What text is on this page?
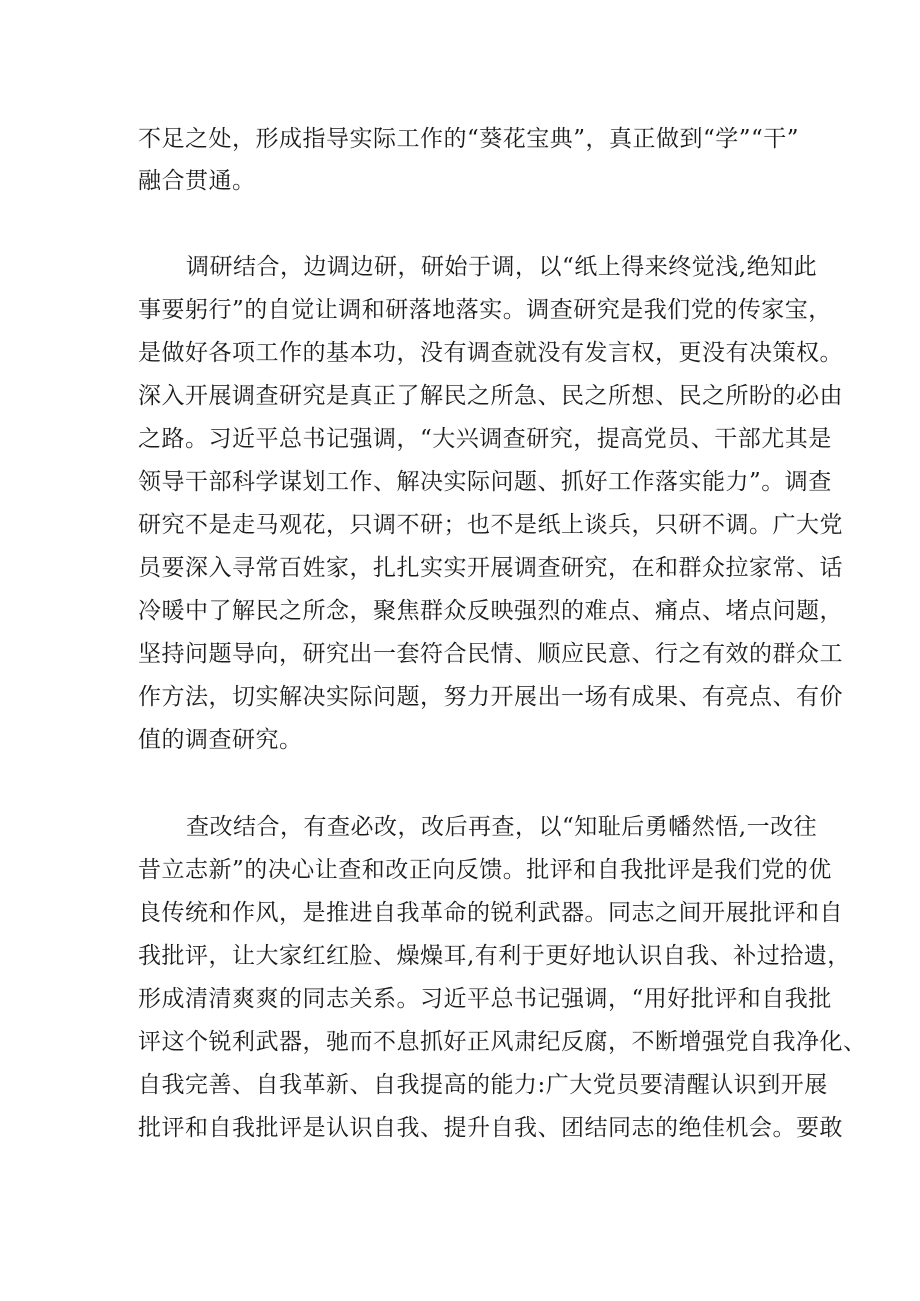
不足之处，形成指导实际工作的“葵花宝典”，真正做到“学”“干”
融合贯通。
调研结合，边调边研，研始于调，以“纸上得来终觉浅,绝知此
事要躬行”的自觉让调和研落地落实。调查研究是我们党的传家宝，
是做好各项工作的基本功，没有调查就没有发言权，更没有决策权。
深入开展调查研究是真正了解民之所急、民之所想、民之所盼的必由
之路。习近平总书记强调，“大兴调查研究，提高党员、干部尤其是
领导干部科学谋划工作、解决实际问题、抓好工作落实能力”。调查
研究不是走马观花，只调不研；也不是纸上谈兵，只研不调。广大党
员要深入寻常百姓家，扎扎实实开展调查研究，在和群众拉家常、话
冷暖中了解民之所念，聚焦群众反映强烈的难点、痛点、堵点问题，
坚持问题导向，研究出一套符合民情、顺应民意、行之有效的群众工
作方法，切实解决实际问题，努力开展出一场有成果、有亮点、有价
值的调查研究。
查改结合，有查必改，改后再查，以“知耻后勇幡然悟,一改往
昔立志新”的决心让查和改正向反馈。批评和自我批评是我们党的优
良传统和作风，是推进自我革命的锐利武器。同志之间开展批评和自
我批评，让大家红红脸、燥燥耳,有利于更好地认识自我、补过拾遗，
形成清清爽爽的同志关系。习近平总书记强调，“用好批评和自我批
评这个锐利武器，驰而不息抓好正风肃纪反腐，不断增强党自我净化、
自我完善、自我革新、自我提高的能力:广大党员要清醒认识到开展
批评和自我批评是认识自我、提升自我、团结同志的绝佳机会。要敢
